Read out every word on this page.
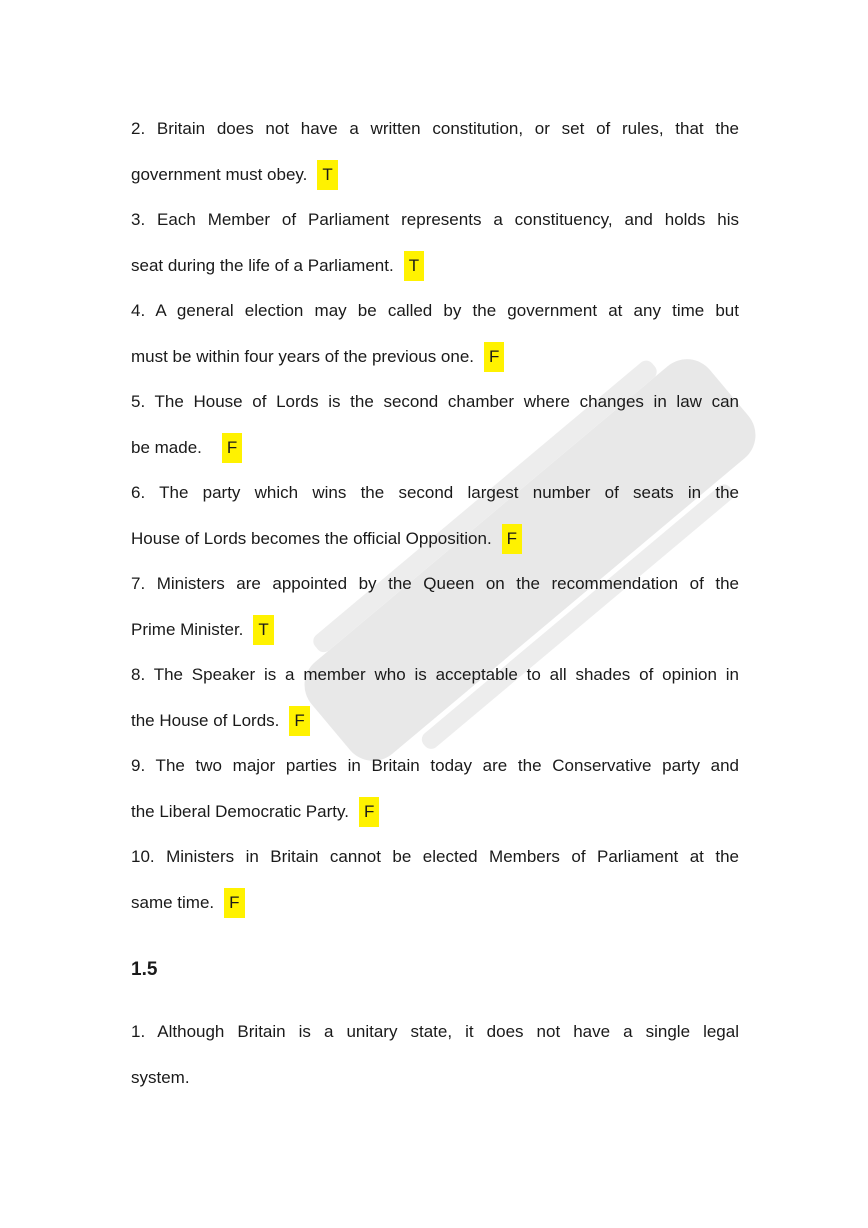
2. Britain does not have a written constitution, or set of rules, that the
government must obey. T
3. Each Member of Parliament represents a constituency, and holds his
seat during the life of a Parliament. T
4. A general election may be called by the government at any time but
must be within four years of the previous one. F
5. The House of Lords is the second chamber where changes in law can
be made. F
6. The party which wins the second largest number of seats in the
House of Lords becomes the official Opposition. F
7. Ministers are appointed by the Queen on the recommendation of the
Prime Minister. T
8. The Speaker is a member who is acceptable to all shades of opinion in
the House of Lords. F
9. The two major parties in Britain today are the Conservative party and
the Liberal Democratic Party. F
10. Ministers in Britain cannot be elected Members of Parliament at the
same time. F
1.5
1. Although Britain is a unitary state, it does not have a single legal
system.
